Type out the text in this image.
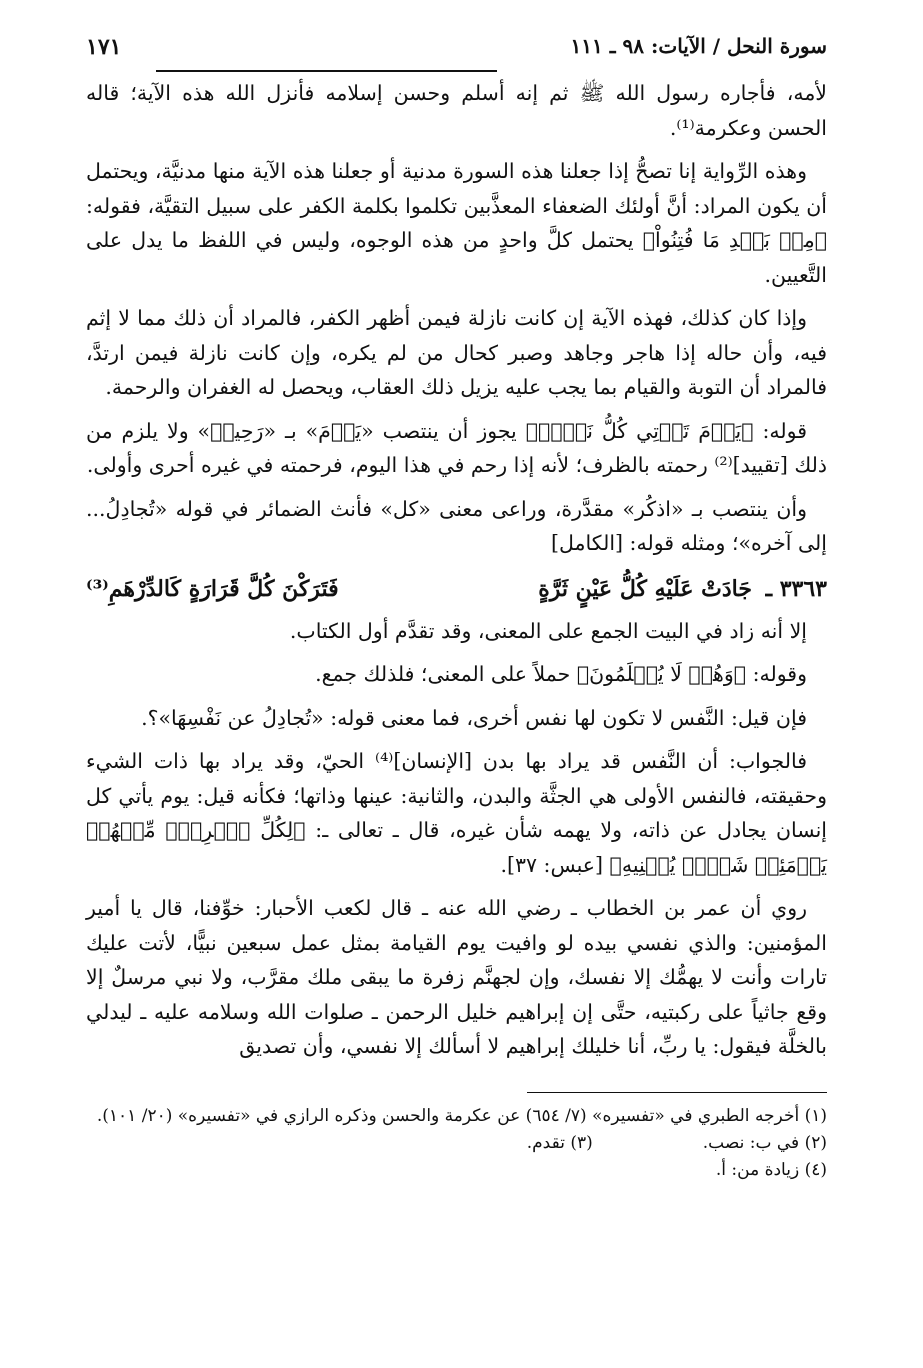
سورة النحل / الآيات: ٩٨ ـ ١١١
١٧١

لأمه، فأجاره رسول الله ﷺ ثم إنه أسلم وحسن إسلامه فأنزل الله هذه الآية؛ قاله الحسن وعكرمة⁽¹⁾.

وهذه الرِّواية إنا تصحُّ إذا جعلنا هذه السورة مدنية أو جعلنا هذه الآية منها مدنيَّة، ويحتمل أن يكون المراد: أنَّ أولئك الضعفاء المعذَّبين تكلموا بكلمة الكفر على سبيل التقيَّة، فقوله: ﴿مِنۢ بَعۡدِ مَا فُتِنُواْ﴾ يحتمل كلَّ واحدٍ من هذه الوجوه، وليس في اللفظ ما يدل على التَّعيين.

وإذا كان كذلك، فهذه الآية إن كانت نازلة فيمن أظهر الكفر، فالمراد أن ذلك مما لا إثم فيه، وأن حاله إذا هاجر وجاهد وصبر كحال من لم يكره، وإن كانت نازلة فيمن ارتدَّ، فالمراد أن التوبة والقيام بما يجب عليه يزيل ذلك العقاب، ويحصل له الغفران والرحمة.

قوله: ﴿يَوۡمَ تَأۡتِي كُلُّ نَفۡسٖ﴾ يجوز أن ينتصب «يَوۡمَ» بـ «رَحِيمٞ» ولا يلزم من ذلك [تقييد]⁽²⁾ رحمته بالظرف؛ لأنه إذا رحم في هذا اليوم، فرحمته في غيره أحرى وأولى.

وأن ينتصب بـ «اذكُر» مقدَّرة، وراعى معنى «كل» فأنث الضمائر في قوله «تُجادِلُ... إلى آخره»؛ ومثله قوله: [الكامل]

٣٣٦٣ ـ جَادَتْ عَلَيْهِ كُلُّ عَيْنٍ ثَرَّةٍ
فَتَرَكْنَ كُلَّ قَرَارَةٍ كَالدِّرْهَمِ⁽³⁾

إلا أنه زاد في البيت الجمع على المعنى، وقد تقدَّم أول الكتاب.

وقوله: ﴿وَهُمۡ لَا يُظۡلَمُونَ﴾ حملاً على المعنى؛ فلذلك جمع.

فإن قيل: النَّفس لا تكون لها نفس أخرى، فما معنى قوله: «تُجادِلُ عن نَفْسِهَا»؟.

فالجواب: أن النَّفس قد يراد بها بدن [الإنسان]⁽⁴⁾ الحيّ، وقد يراد بها ذات الشيء وحقيقته، فالنفس الأولى هي الجثَّة والبدن، والثانية: عينها وذاتها؛ فكأنه قيل: يوم يأتي كل إنسان يجادل عن ذاته، ولا يهمه شأن غيره، قال ـ تعالى ـ: ﴿لِكُلِّ ٱمۡرِيٕٖ مِّنۡهُمۡ يَوۡمَئِذٖ شَأۡنٞ يُغۡنِيهِ﴾ [عبس: ٣٧].

روي أن عمر بن الخطاب ـ رضي الله عنه ـ قال لكعب الأحبار: خوِّفنا، قال يا أمير المؤمنين: والذي نفسي بيده لو وافيت يوم القيامة بمثل عمل سبعين نبيًّا، لأتت عليك تارات وأنت لا يهمُّك إلا نفسك، وإن لجهنَّم زفرة ما يبقى ملك مقرَّب، ولا نبي مرسلٌ إلا وقع جاثياً على ركبتيه، حتَّى إن إبراهيم خليل الرحمن ـ صلوات الله وسلامه عليه ـ ليدلي بالخلَّة فيقول: يا ربِّ، أنا خليلك إبراهيم لا أسألك إلا نفسي، وأن تصديق

(١) أخرجه الطبري في «تفسيره» (٧/ ٦٥٤) عن عكرمة والحسن وذكره الرازي في «تفسيره» (٢٠/ ١٠١).
(٢) في ب: نصب.
(٣) تقدم.
(٤) زيادة من: أ.
